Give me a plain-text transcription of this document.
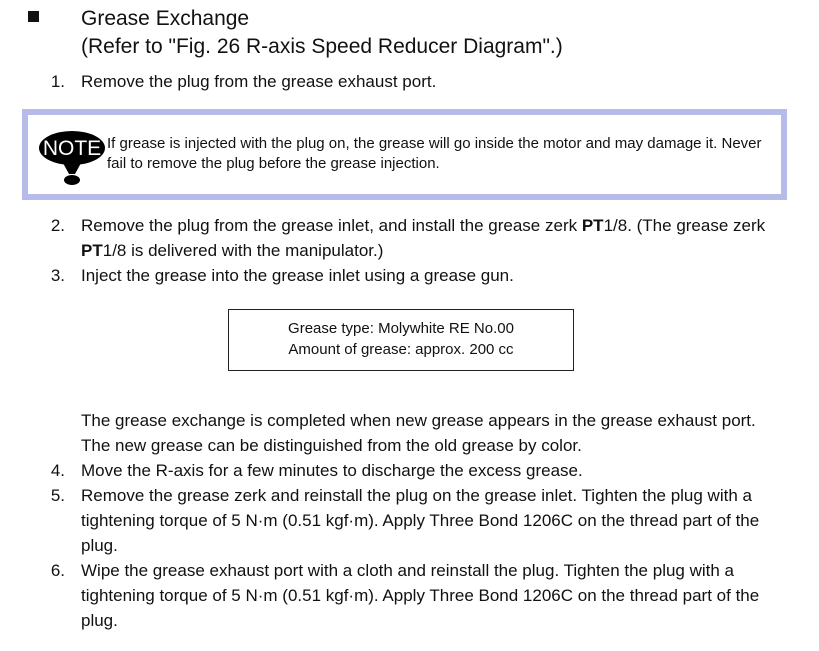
Grease Exchange
(Refer to "Fig. 26 R-axis Speed Reducer Diagram".)
1. Remove the plug from the grease exhaust port.
NOTE If grease is injected with the plug on, the grease will go inside the motor and may damage it. Never fail to remove the plug before the grease injection.
2. Remove the plug from the grease inlet, and install the grease zerk PT1/8. (The grease zerk PT1/8 is delivered with the manipulator.)
3. Inject the grease into the grease inlet using a grease gun.
Grease type: Molywhite RE No.00
Amount of grease: approx. 200 cc
The grease exchange is completed when new grease appears in the grease exhaust port. The new grease can be distinguished from the old grease by color.
4. Move the R-axis for a few minutes to discharge the excess grease.
5. Remove the grease zerk and reinstall the plug on the grease inlet. Tighten the plug with a tightening torque of 5 N·m (0.51 kgf·m). Apply Three Bond 1206C on the thread part of the plug.
6. Wipe the grease exhaust port with a cloth and reinstall the plug. Tighten the plug with a tightening torque of 5 N·m (0.51 kgf·m). Apply Three Bond 1206C on the thread part of the plug.
